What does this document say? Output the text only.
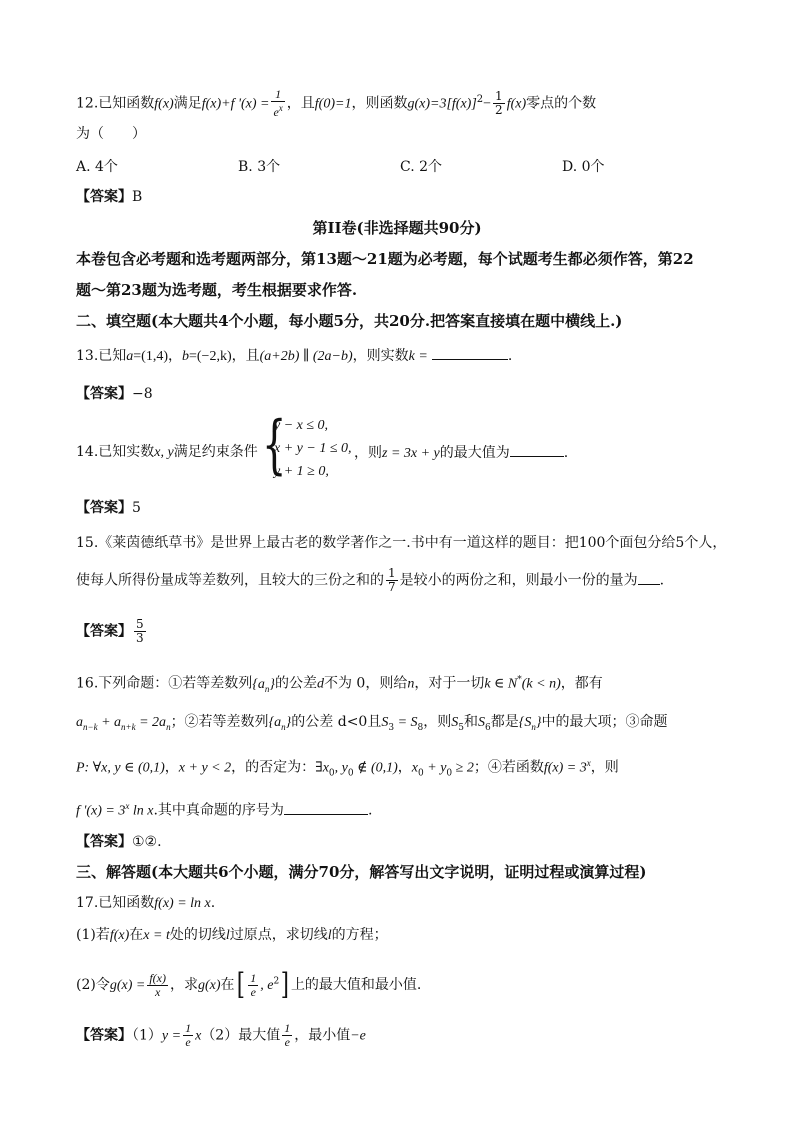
12.已知函数f(x)满足f(x)+f '$(x) = \frac{1}{e^x}$ ，且f(0)=1，则函数$g(x)=3[f(x)]^2- \frac{1}{2} f(x)$零点的个数
为（　　）
A. 4个	B. 3个	C. 2个	D. 0个
【答案】B
第II卷(非选择题共90分)
本卷包含必考题和选考题两部分，第13题～21题为必考题，每个试题考生都必须作答，第22
题～第23题为选考题，考生根据要求作答.
二、填空题(本大题共4个小题，每小题5分，共20分.把答案直接填在题中横线上.)
13.已知a=(1,4)，b=(−2,k)，且(a+2b) ∥ (2a−b)，则实数k =	.
【答案】−8
14.已知实数x, y满足约束条件 {
y − x ≤ 0,
x + y − 1 ≤ 0,
y + 1 ≥ 0,
，则z = 3x + y的最大值为	.
【答案】5
15.《莱茵德纸草书》是世界上最古老的数学著作之一.书中有一道这样的题目：把100个面包分给5个人，
使每人所得份量成等差数列，且较大的三份之和的 $\frac{1}{7}$ 是较小的两份之和，则最小一份的量为 .
【答案】 $\frac{5}{3}$
16.下列命题：①若等差数列$\{a_n\}$的公差d不为 0，则给n，对于一切k ∈ N*(k < n)，都有
$a_{n-k} + a_{n+k} = 2a_n$；②若等差数列$\{a_n\}$的公差 d<0且$S_3 = S_8$，则$S_5$和$S_6$都是$\{S_n\}$中的最大项；③命题
P: ∀x, y ∈ (0,1)，x + y < 2，的否定为：$\exists x_0$, $y_0$ ∉ (0,1)，$x_0 + y_0 \ge 2$；④若函数$f(x) = 3^x$，则
f '$(x) = 3^x$ ln x.其中真命题的序号为	.
【答案】①②.
三、解答题(本大题共6个小题，满分70分，解答写出文字说明，证明过程或演算过程)
17.已知函数f(x) = ln x.
(1)若f(x)在x = t处的切线l过原点，求切线l的方程；
(2)令$g(x) = \frac{f(x)}{x}$ ，求g(x)在[ $\frac{1}{e}$ , $e^2$] 上的最大值和最小值.
【答案】$(1)y = \frac{1}{e} x(2)$最大值 $\frac{1}{e}$ ，最小值−e
